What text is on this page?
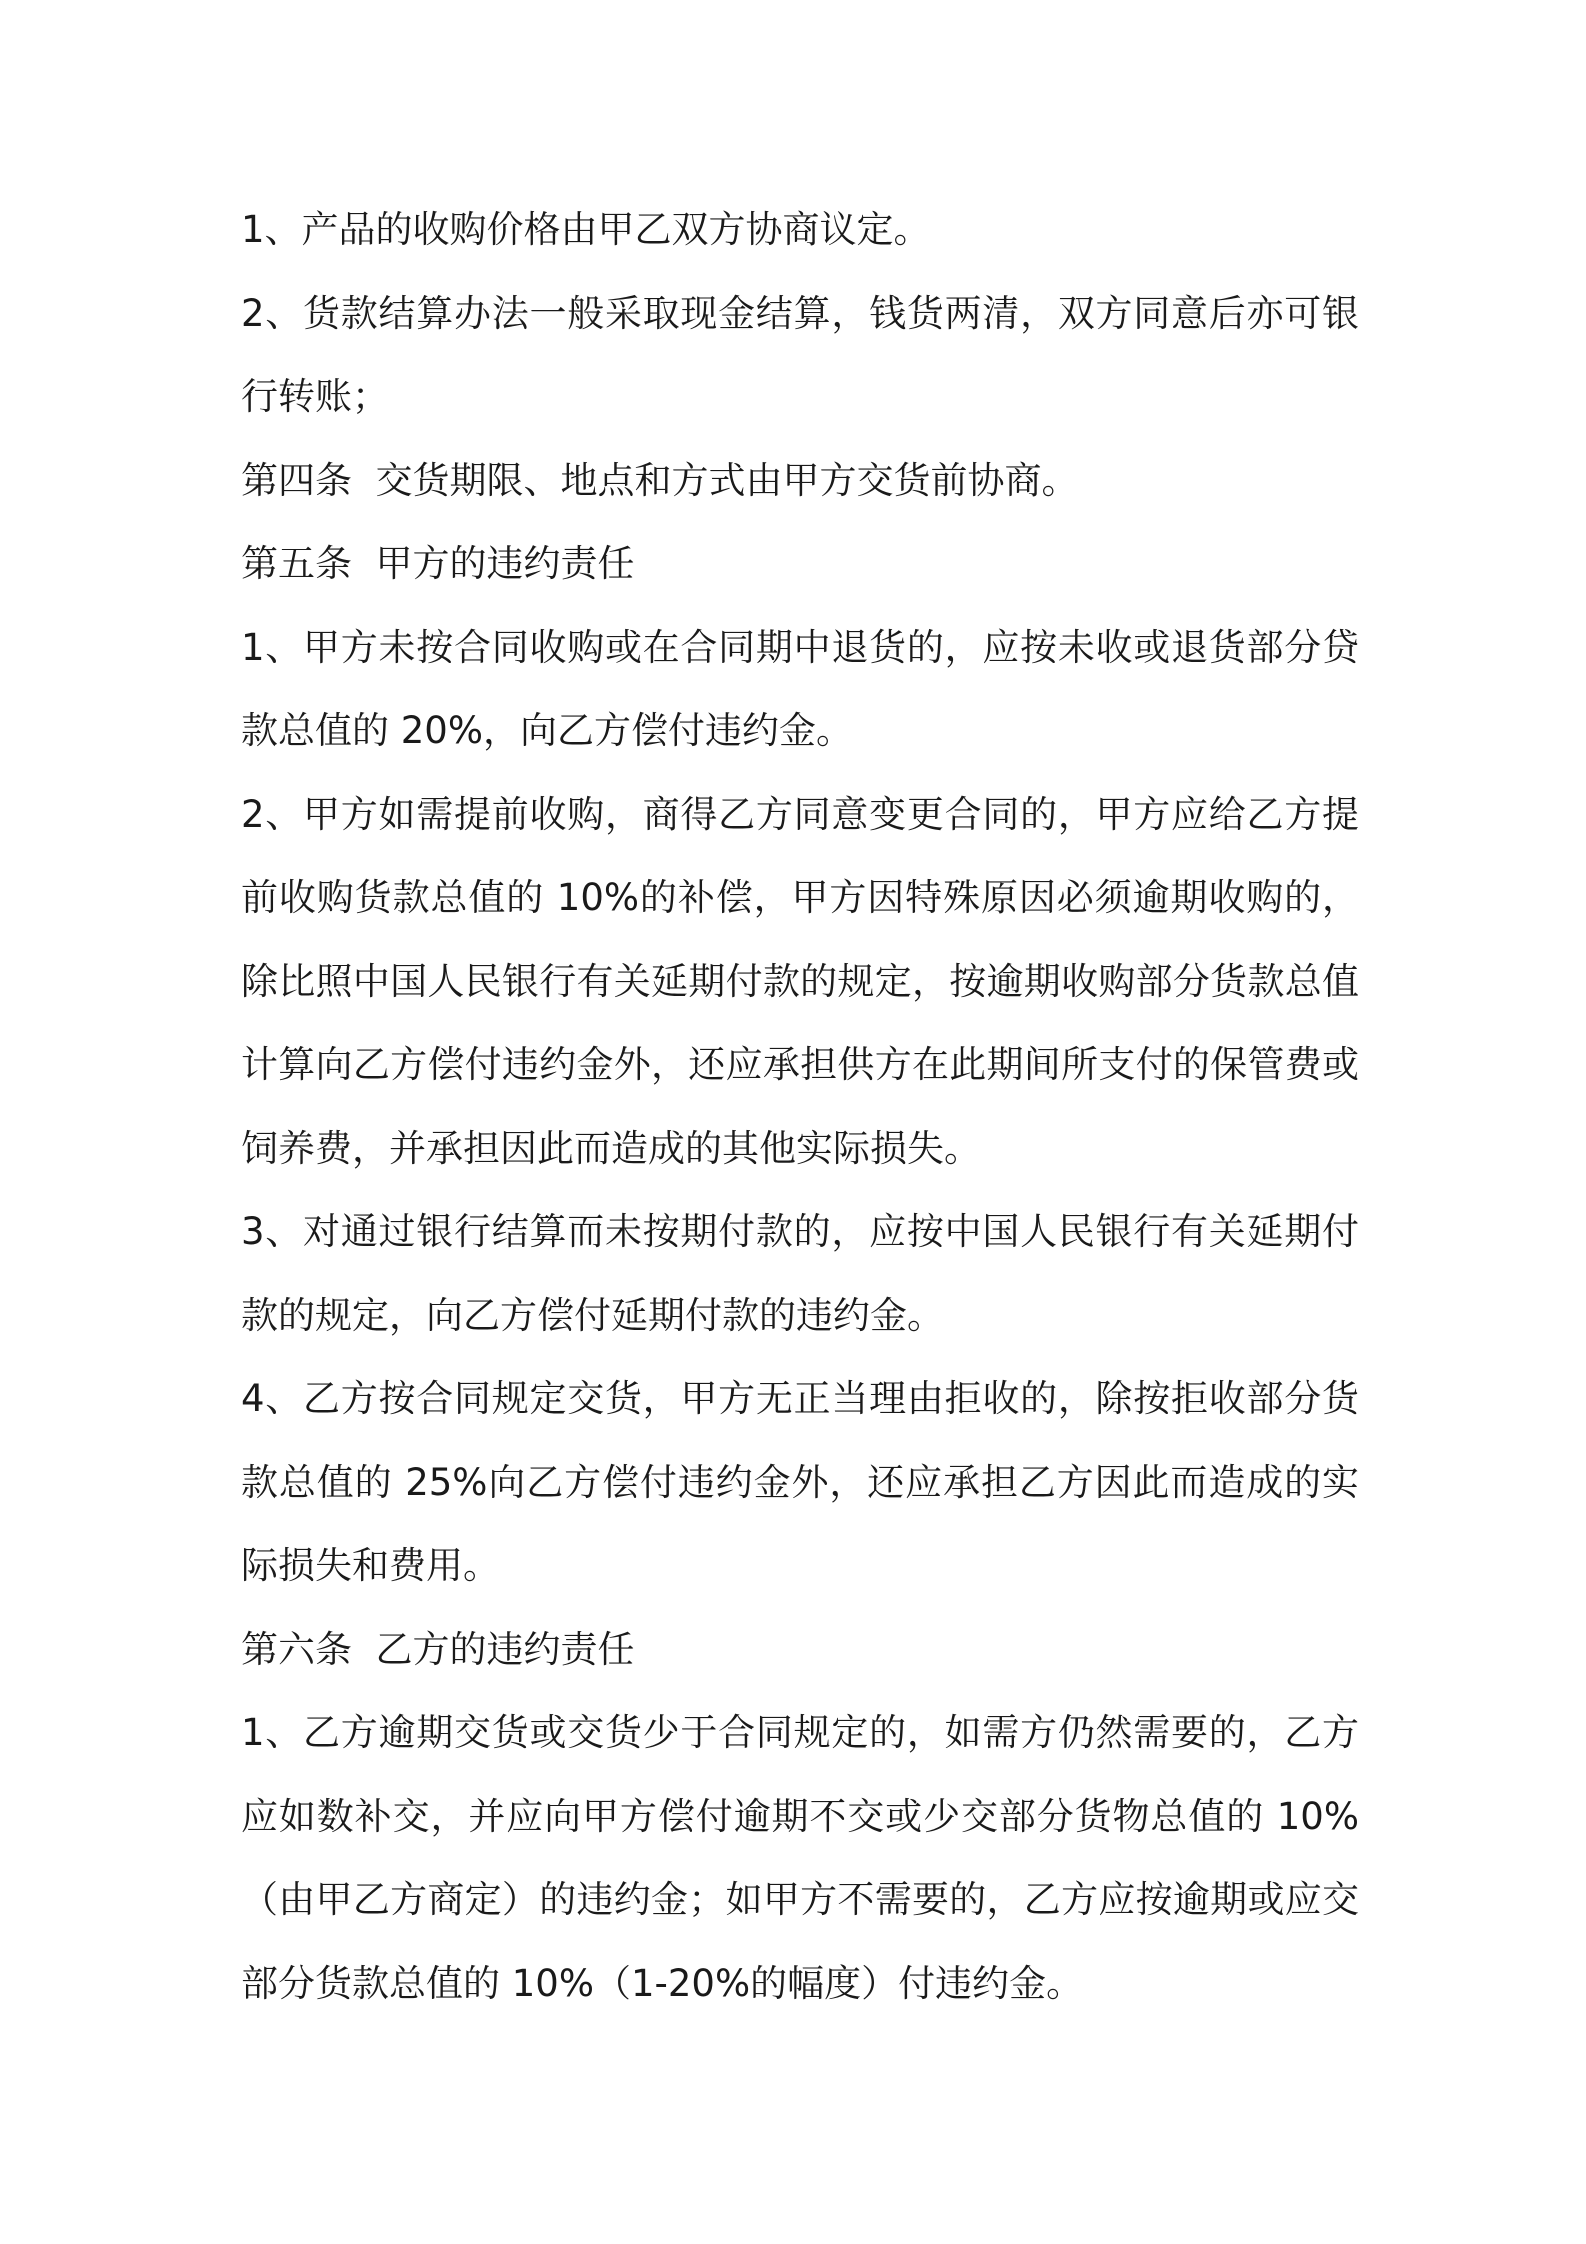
1、产品的收购价格由甲乙双方协商议定。

2、货款结算办法一般采取现金结算，钱货两清，双方同意后亦可银行转账；

第四条  交货期限、地点和方式由甲方交货前协商。

第五条  甲方的违约责任

1、甲方未按合同收购或在合同期中退货的，应按未收或退货部分贷款总值的 20%，向乙方偿付违约金。

2、甲方如需提前收购，商得乙方同意变更合同的，甲方应给乙方提前收购货款总值的 10%的补偿，甲方因特殊原因必须逾期收购的，除比照中国人民银行有关延期付款的规定，按逾期收购部分货款总值计算向乙方偿付违约金外，还应承担供方在此期间所支付的保管费或饲养费，并承担因此而造成的其他实际损失。

3、对通过银行结算而未按期付款的，应按中国人民银行有关延期付款的规定，向乙方偿付延期付款的违约金。

4、乙方按合同规定交货，甲方无正当理由拒收的，除按拒收部分货款总值的 25%向乙方偿付违约金外，还应承担乙方因此而造成的实际损失和费用。

第六条  乙方的违约责任

1、乙方逾期交货或交货少于合同规定的，如需方仍然需要的，乙方应如数补交，并应向甲方偿付逾期不交或少交部分货物总值的 10%（由甲乙方商定）的违约金；如甲方不需要的，乙方应按逾期或应交部分货款总值的 10%（1-20%的幅度）付违约金。
